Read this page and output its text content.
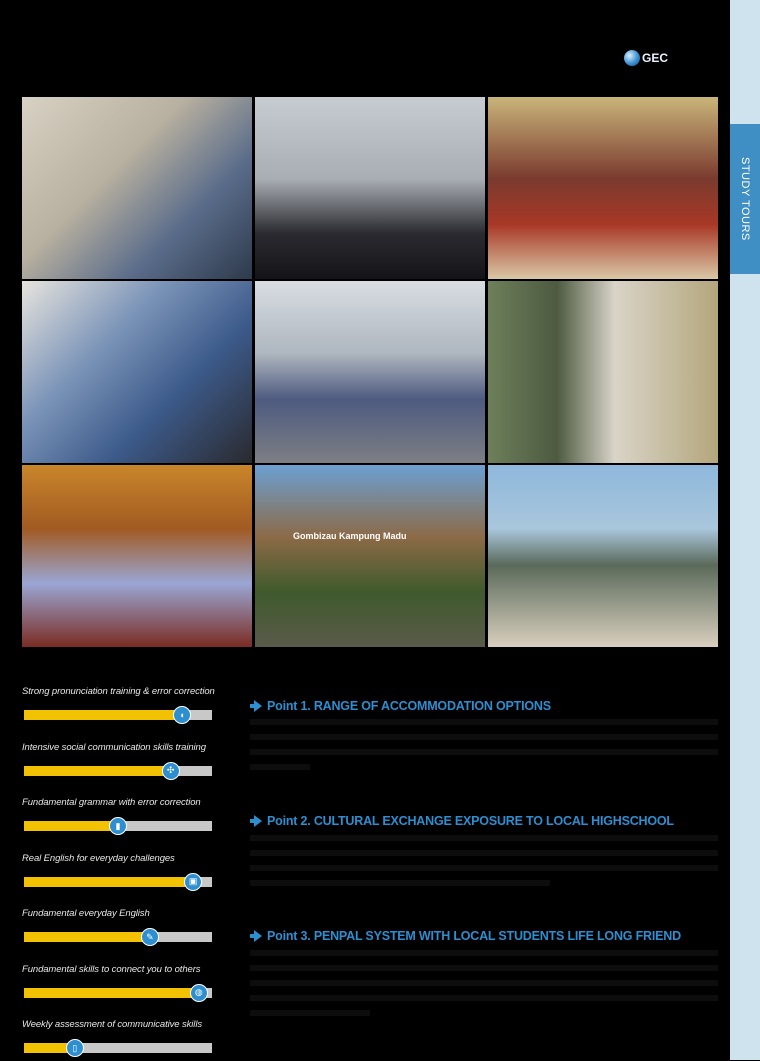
STUDY TOURS
GEC
Gombizau Kampung Madu
Strong pronunciation training & error correction
◖
Intensive social communication skills training
✣
Fundamental grammar with error correction
▮
Real English for everyday challenges
▣
Fundamental everyday English
✎
Fundamental skills to connect you to others
◍
Weekly assessment of communicative skills
▯
Point 1. RANGE OF ACCOMMODATION OPTIONS
Point 2. CULTURAL EXCHANGE EXPOSURE TO LOCAL HIGHSCHOOL
Point 3. PENPAL SYSTEM WITH LOCAL STUDENTS LIFE LONG FRIEND
